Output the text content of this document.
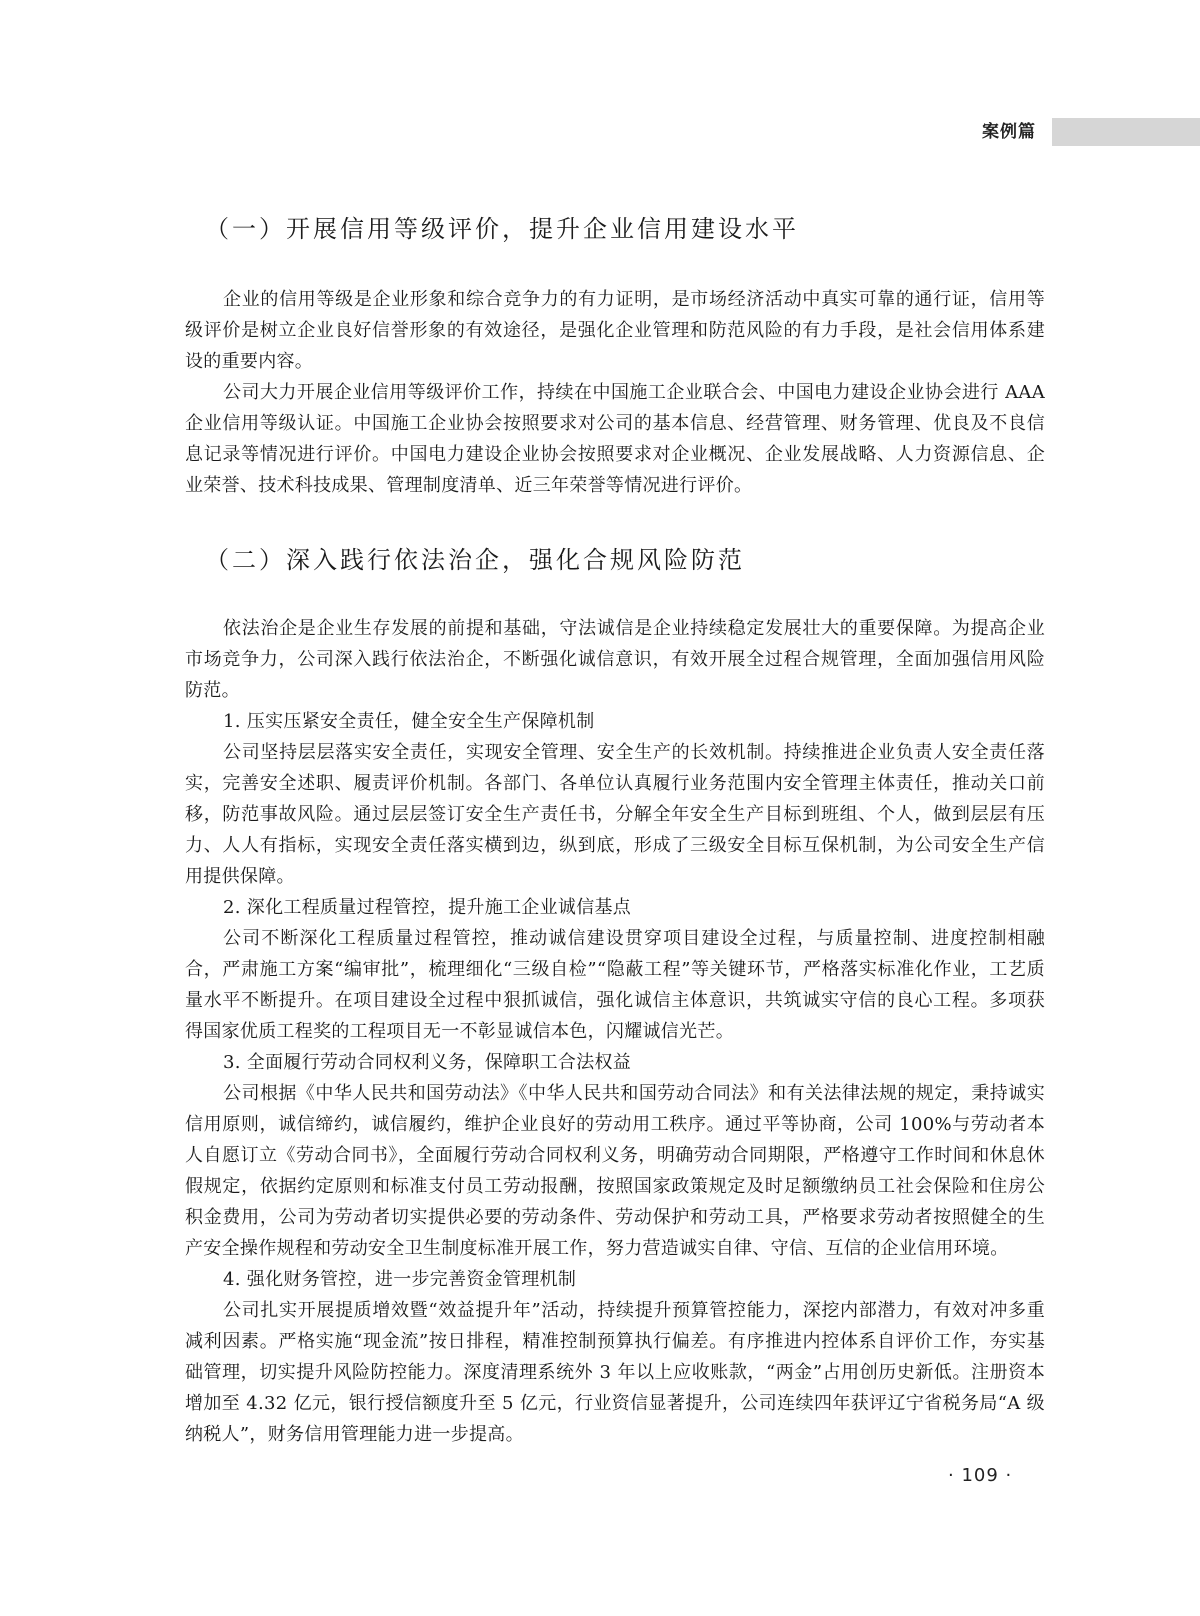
案例篇
（一）开展信用等级评价，提升企业信用建设水平

企业的信用等级是企业形象和综合竞争力的有力证明，是市场经济活动中真实可靠的通行证，信用等级评价是树立企业良好信誉形象的有效途径，是强化企业管理和防范风险的有力手段，是社会信用体系建设的重要内容。

公司大力开展企业信用等级评价工作，持续在中国施工企业联合会、中国电力建设企业协会进行 AAA 企业信用等级认证。中国施工企业协会按照要求对公司的基本信息、经营管理、财务管理、优良及不良信息记录等情况进行评价。中国电力建设企业协会按照要求对企业概况、企业发展战略、人力资源信息、企业荣誉、技术科技成果、管理制度清单、近三年荣誉等情况进行评价。

（二）深入践行依法治企，强化合规风险防范

依法治企是企业生存发展的前提和基础，守法诚信是企业持续稳定发展壮大的重要保障。为提高企业市场竞争力，公司深入践行依法治企，不断强化诚信意识，有效开展全过程合规管理，全面加强信用风险防范。

1. 压实压紧安全责任，健全安全生产保障机制

公司坚持层层落实安全责任，实现安全管理、安全生产的长效机制。持续推进企业负责人安全责任落实，完善安全述职、履责评价机制。各部门、各单位认真履行业务范围内安全管理主体责任，推动关口前移，防范事故风险。通过层层签订安全生产责任书，分解全年安全生产目标到班组、个人，做到层层有压力、人人有指标，实现安全责任落实横到边，纵到底，形成了三级安全目标互保机制，为公司安全生产信用提供保障。

2. 深化工程质量过程管控，提升施工企业诚信基点

公司不断深化工程质量过程管控，推动诚信建设贯穿项目建设全过程，与质量控制、进度控制相融合，严肃施工方案“编审批”，梳理细化“三级自检”“隐蔽工程”等关键环节，严格落实标准化作业，工艺质量水平不断提升。在项目建设全过程中狠抓诚信，强化诚信主体意识，共筑诚实守信的良心工程。多项获得国家优质工程奖的工程项目无一不彰显诚信本色，闪耀诚信光芒。

3. 全面履行劳动合同权利义务，保障职工合法权益

公司根据《中华人民共和国劳动法》《中华人民共和国劳动合同法》和有关法律法规的规定，秉持诚实信用原则，诚信缔约，诚信履约，维护企业良好的劳动用工秩序。通过平等协商，公司 100%与劳动者本人自愿订立《劳动合同书》，全面履行劳动合同权利义务，明确劳动合同期限，严格遵守工作时间和休息休假规定，依据约定原则和标准支付员工劳动报酬，按照国家政策规定及时足额缴纳员工社会保险和住房公积金费用，公司为劳动者切实提供必要的劳动条件、劳动保护和劳动工具，严格要求劳动者按照健全的生产安全操作规程和劳动安全卫生制度标准开展工作，努力营造诚实自律、守信、互信的企业信用环境。

4. 强化财务管控，进一步完善资金管理机制

公司扎实开展提质增效暨“效益提升年”活动，持续提升预算管控能力，深挖内部潜力，有效对冲多重减利因素。严格实施“现金流”按日排程，精准控制预算执行偏差。有序推进内控体系自评价工作，夯实基础管理，切实提升风险防控能力。深度清理系统外 3 年以上应收账款，“两金”占用创历史新低。注册资本增加至 4.32 亿元，银行授信额度升至 5 亿元，行业资信显著提升，公司连续四年获评辽宁省税务局“A 级纳税人”，财务信用管理能力进一步提高。

· 109 ·
